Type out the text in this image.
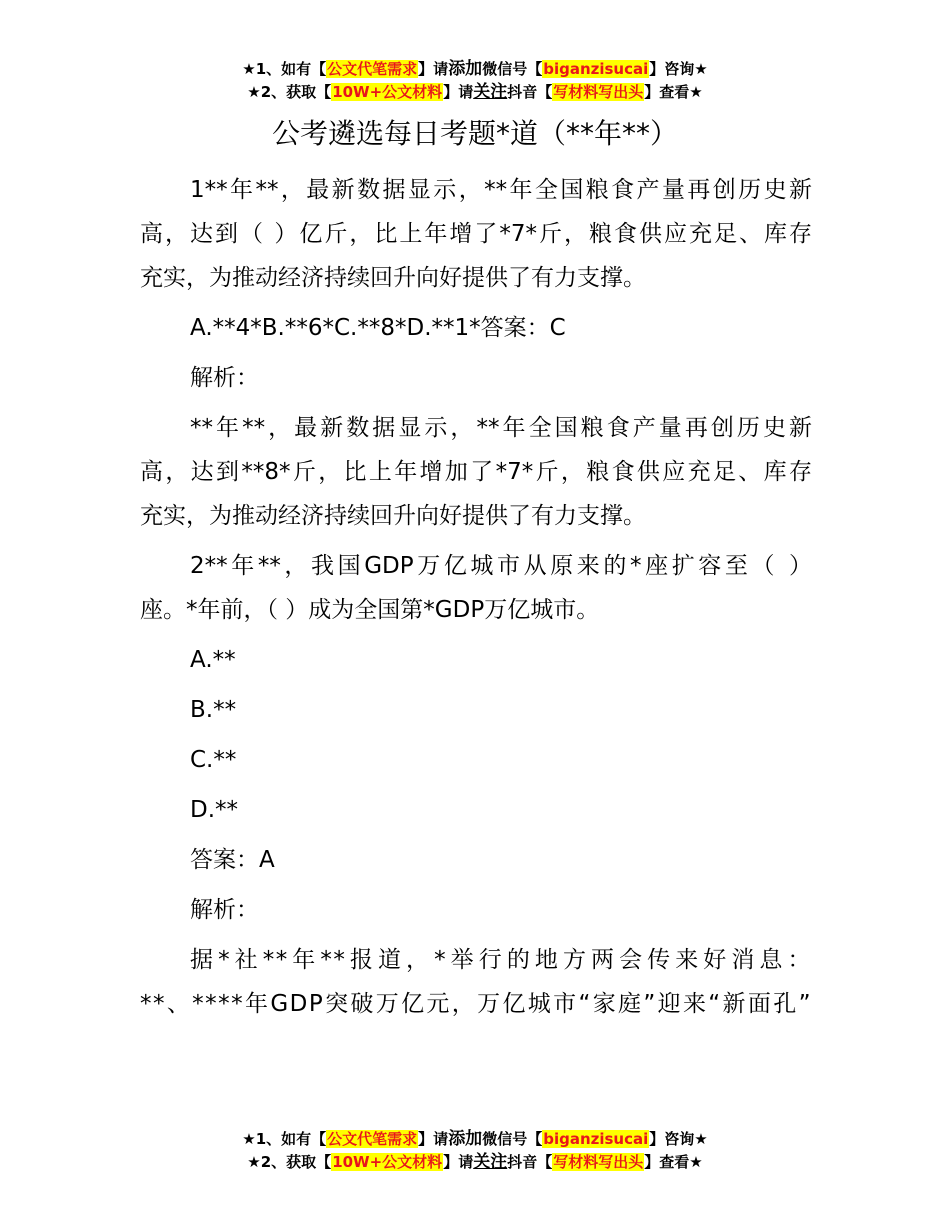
★1、如有【公文代笔需求】请添加微信号【biganzisucai】咨询★
★2、获取【10W+公文材料】请关注抖音【写材料写出头】查看★
公考遴选每日考题*道（**年**）
1**年**，最新数据显示，**年全国粮食产量再创历史新
高，达到（ ）亿斤，比上年增了*7*斤，粮食供应充足、库存
充实，为推动经济持续回升向好提供了有力支撑。
A.**4*B.**6*C.**8*D.**1*答案：C
解析：
**年**，最新数据显示，**年全国粮食产量再创历史新
高，达到**8*斤，比上年增加了*7*斤，粮食供应充足、库存
充实，为推动经济持续回升向好提供了有力支撑。
2**年**，我国GDP万亿城市从原来的*座扩容至（ ）
座。*年前，（ ）成为全国第*GDP万亿城市。
A.**
B.**
C.**
D.**
答案：A
解析：
据*社**年**报道，*举行的地方两会传来好消息：
**、****年GDP突破万亿元，万亿城市“家庭”迎来“新面孔”
★1、如有【公文代笔需求】请添加微信号【biganzisucai】咨询★
★2、获取【10W+公文材料】请关注抖音【写材料写出头】查看★
